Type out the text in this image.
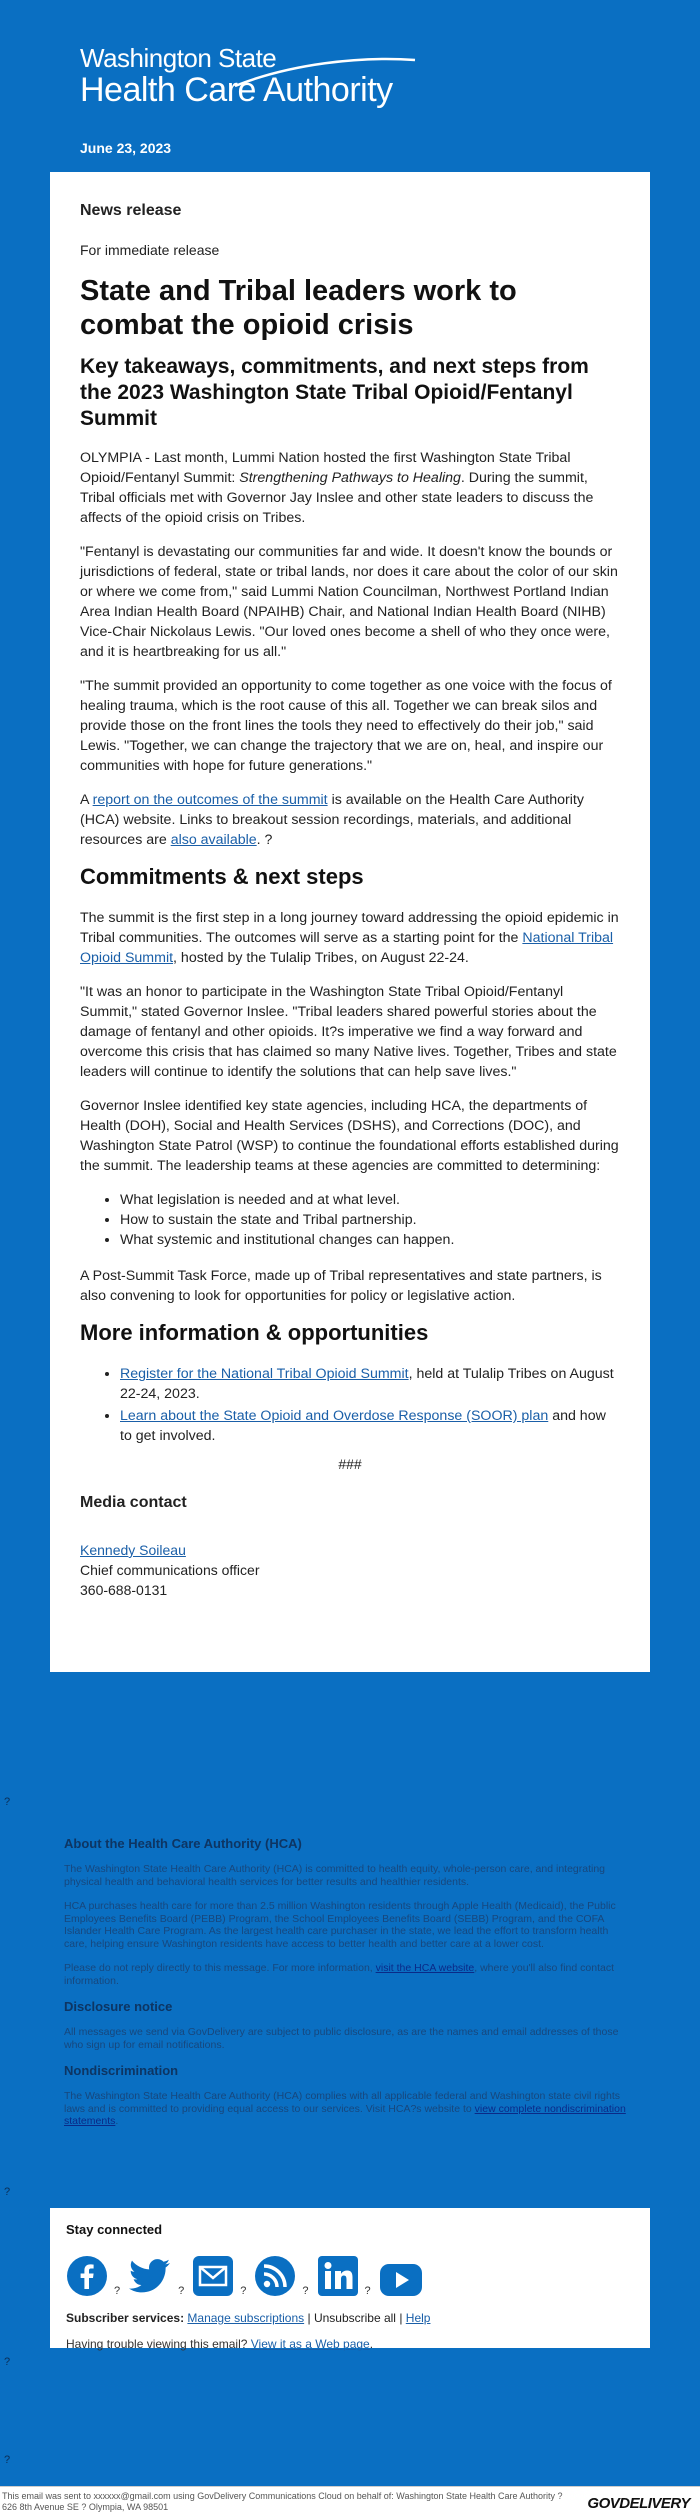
Washington State
Health Care Authority
June 23, 2023
News release
For immediate release
State and Tribal leaders work to combat the opioid crisis
Key takeaways, commitments, and next steps from the 2023 Washington State Tribal Opioid/Fentanyl Summit

OLYMPIA - Last month, Lummi Nation hosted the first Washington State Tribal Opioid/Fentanyl Summit: Strengthening Pathways to Healing. During the summit, Tribal officials met with Governor Jay Inslee and other state leaders to discuss the affects of the opioid crisis on Tribes.

"Fentanyl is devastating our communities far and wide. It doesn't know the bounds or jurisdictions of federal, state or tribal lands, nor does it care about the color of our skin or where we come from," said Lummi Nation Councilman, Northwest Portland Indian Area Indian Health Board (NPAIHB) Chair, and National Indian Health Board (NIHB) Vice-Chair Nickolaus Lewis. "Our loved ones become a shell of who they once were, and it is heartbreaking for us all."

"The summit provided an opportunity to come together as one voice with the focus of healing trauma, which is the root cause of this all. Together we can break silos and provide those on the front lines the tools they need to effectively do their job," said Lewis. "Together, we can change the trajectory that we are on, heal, and inspire our communities with hope for future generations."

A report on the outcomes of the summit is available on the Health Care Authority (HCA) website. Links to breakout session recordings, materials, and additional resources are also available. ?

Commitments & next steps

The summit is the first step in a long journey toward addressing the opioid epidemic in Tribal communities. The outcomes will serve as a starting point for the National Tribal Opioid Summit, hosted by the Tulalip Tribes, on August 22-24.

"It was an honor to participate in the Washington State Tribal Opioid/Fentanyl Summit," stated Governor Inslee. "Tribal leaders shared powerful stories about the damage of fentanyl and other opioids. It?s imperative we find a way forward and overcome this crisis that has claimed so many Native lives. Together, Tribes and state leaders will continue to identify the solutions that can help save lives."

Governor Inslee identified key state agencies, including HCA, the departments of Health (DOH), Social and Health Services (DSHS), and Corrections (DOC), and Washington State Patrol (WSP) to continue the foundational efforts established during the summit. The leadership teams at these agencies are committed to determining:

• What legislation is needed and at what level.
• How to sustain the state and Tribal partnership.
• What systemic and institutional changes can happen.

A Post-Summit Task Force, made up of Tribal representatives and state partners, is also convening to look for opportunities for policy or legislative action.

More information & opportunities
• Register for the National Tribal Opioid Summit, held at Tulalip Tribes on August 22-24, 2023.
• Learn about the State Opioid and Overdose Response (SOOR) plan and how to get involved.
###
Media contact
Kennedy Soileau
Chief communications officer
360-688-0131
?
About the Health Care Authority (HCA)

The Washington State Health Care Authority (HCA) is committed to health equity, whole-person care, and integrating physical health and behavioral health services for better results and healthier residents.

HCA purchases health care for more than 2.5 million Washington residents through Apple Health (Medicaid), the Public Employees Benefits Board (PEBB) Program, the School Employees Benefits Board (SEBB) Program, and the COFA Islander Health Care Program. As the largest health care purchaser in the state, we lead the effort to transform health care, helping ensure Washington residents have access to better health and better care at a lower cost.

Please do not reply directly to this message. For more information, visit the HCA website, where you'll also find contact information.

Disclosure notice

All messages we send via GovDelivery are subject to public disclosure, as are the names and email addresses of those who sign up for email notifications.

Nondiscrimination

The Washington State Health Care Authority (HCA) complies with all applicable federal and Washington state civil rights laws and is committed to providing equal access to our services. Visit HCA?s website to view complete nondiscrimination statements.

?
Stay connected
?	?	?	?	?
Subscriber services: Manage subscriptions | Unsubscribe all | Help
Having trouble viewing this email? View it as a Web page.
?
?
This email was sent to xxxxxx@gmail.com using GovDelivery Communications Cloud on behalf of: Washington State Health Care Authority ? 626 8th Avenue SE ? Olympia, WA 98501	GOVDELIVERY
